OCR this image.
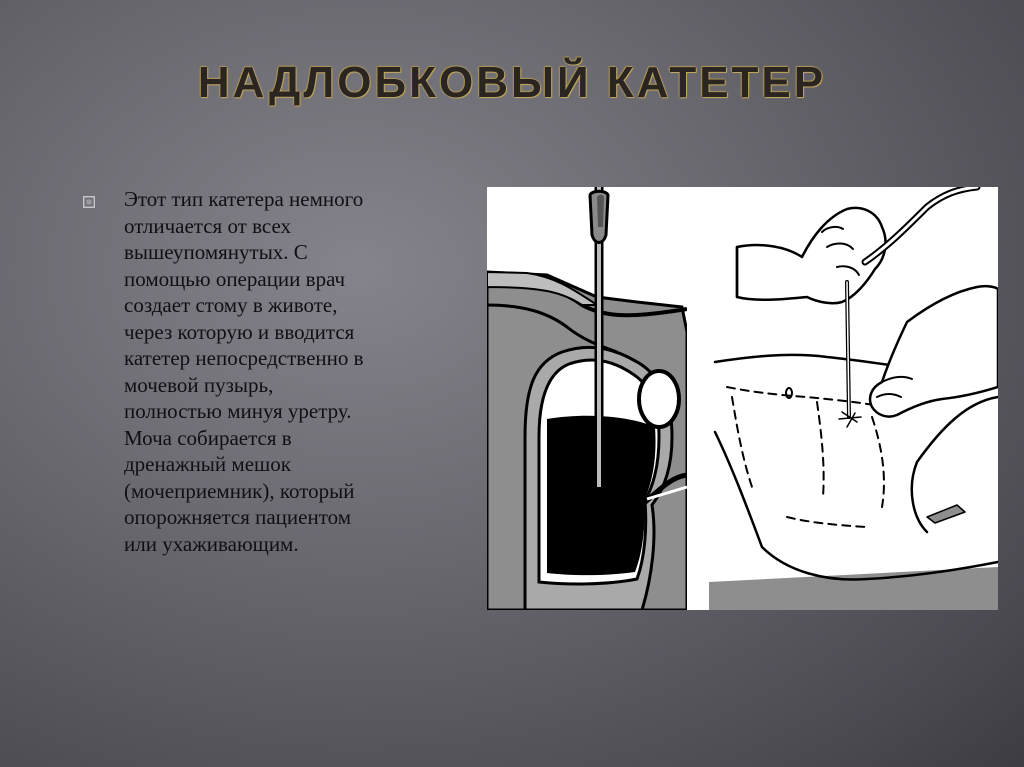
НАДЛОБКОВЫЙ КАТЕТЕР

Этот тип катетера немного
отличается от всех
вышеупомянутых. С
помощью операции врач
создает стому в животе,
через которую и вводится
катетер непосредственно в
мочевой пузырь,
полностью минуя уретру.
Моча собирается в
дренажный мешок
(мочеприемник), который
опорожняется пациентом
или ухаживающим.
